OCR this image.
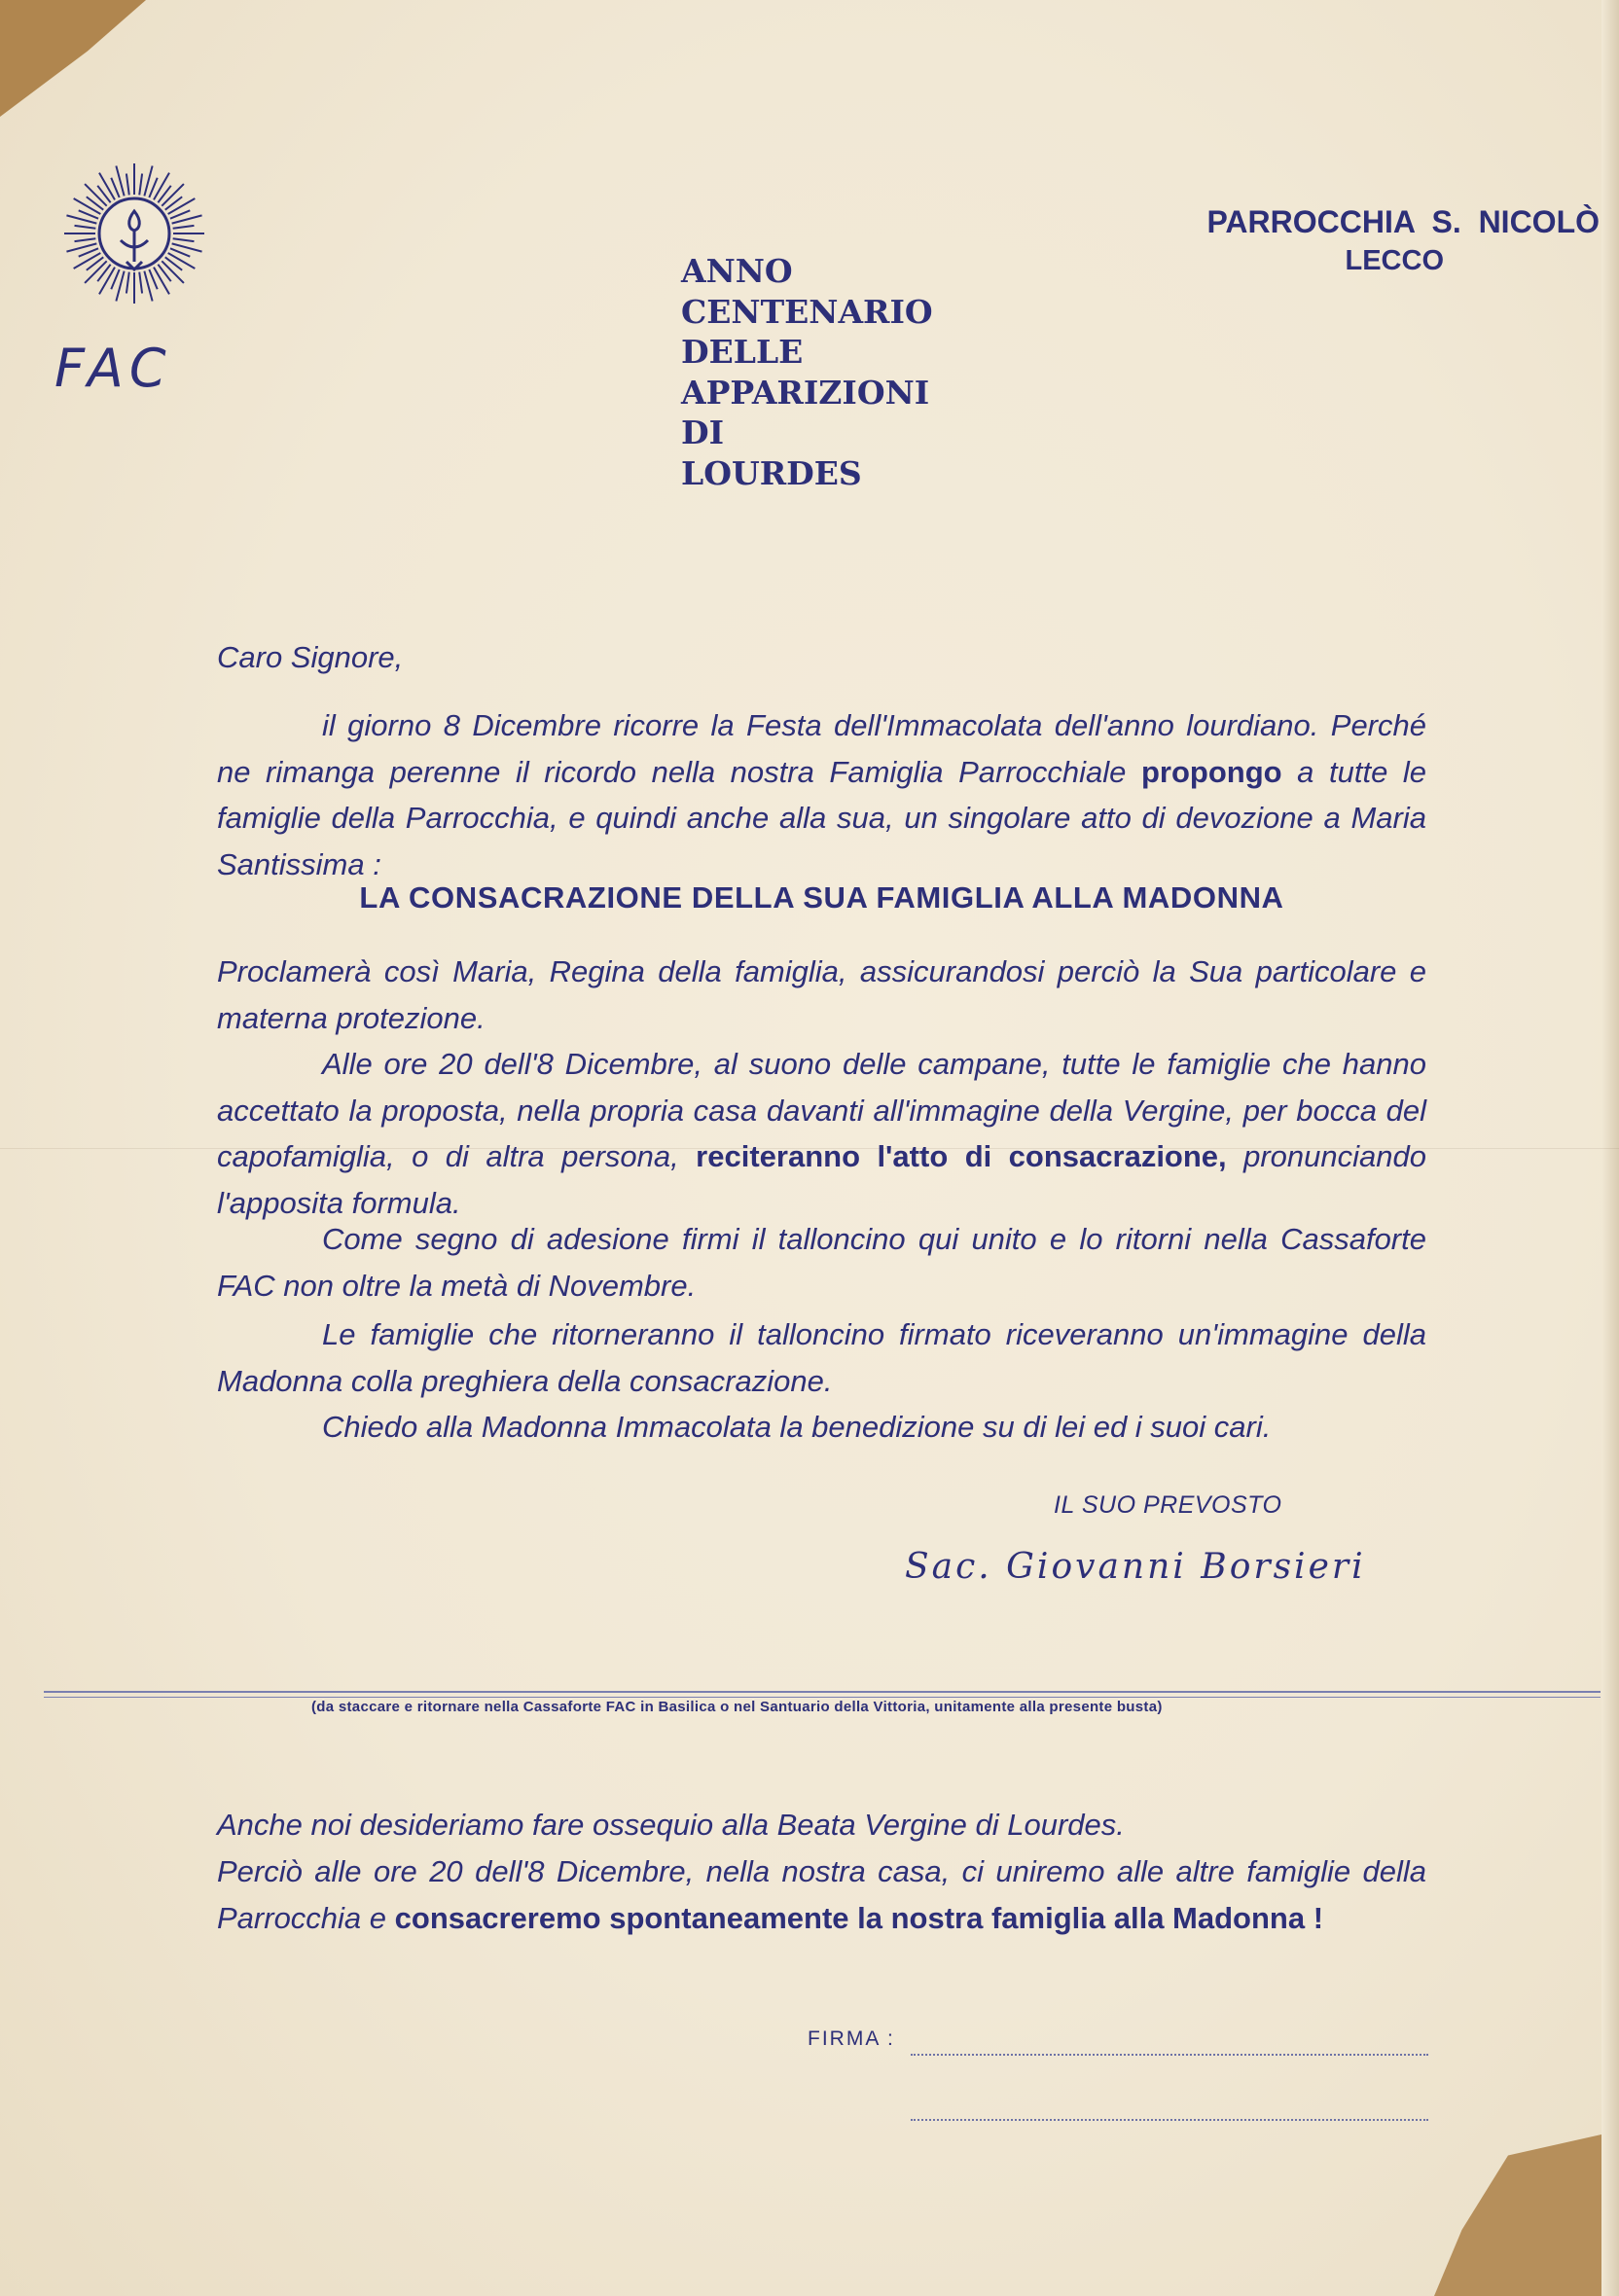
FAC
ANNO
CENTENARIO
DELLE
APPARIZIONI
DI
LOURDES
PARROCCHIA  S.  NICOLÒ
LECCO

Caro Signore,

il giorno 8 Dicembre ricorre la Festa dell'Immacolata dell'anno lourdiano. Perché ne rimanga perenne il ricordo nella nostra Famiglia Parrocchiale propongo a tutte le famiglie della Parrocchia, e quindi anche alla sua, un singolare atto di devozione a Maria Santissima :

LA CONSACRAZIONE DELLA SUA FAMIGLIA ALLA MADONNA

Proclamerà così Maria, Regina della famiglia, assicurandosi perciò la Sua particolare e materna protezione.

Alle ore 20 dell'8 Dicembre, al suono delle campane, tutte le famiglie che hanno accettato la proposta, nella propria casa davanti all'immagine della Vergine, per bocca del capofamiglia, o di altra persona, reciteranno l'atto di consacrazione, pronunciando l'apposita formula.

Come segno di adesione firmi il talloncino qui unito e lo ritorni nella Cassaforte FAC non oltre la metà di Novembre.

Le famiglie che ritorneranno il talloncino firmato riceveranno un'immagine della Madonna colla preghiera della consacrazione.

Chiedo alla Madonna Immacolata la benedizione su di lei ed i suoi cari.

IL SUO PREVOSTO
Sac. Giovanni Borsieri
(da staccare e ritornare nella Cassaforte FAC in Basilica o nel Santuario della Vittoria, unitamente alla presente busta)

Anche noi desideriamo fare ossequio alla Beata Vergine di Lourdes.

Perciò alle ore 20 dell'8 Dicembre, nella nostra casa, ci uniremo alle altre famiglie della Parrocchia e consacreremo spontaneamente la nostra famiglia alla Madonna !

FIRMA :
